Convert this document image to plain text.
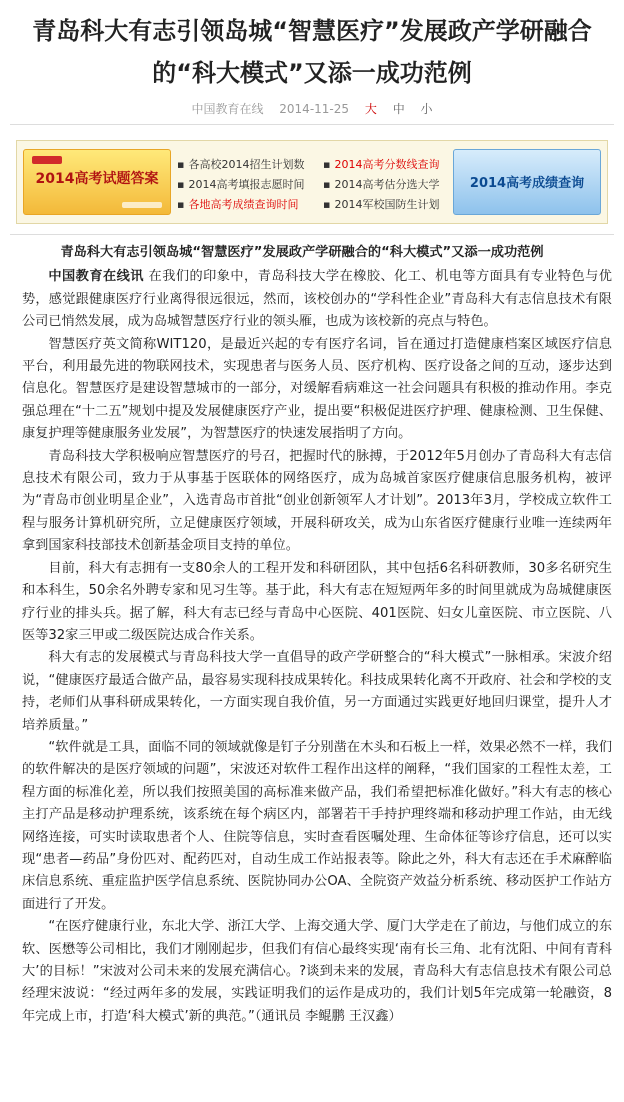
青岛科大有志引领岛城“智慧医疗”发展政产学研融合
的“科大模式”又添一成功范例
中国教育在线 2014-11-25 大 中 小
2014高考试题答案
▪ 各高校2014招生计划数 ▪ 2014高考分数线查询
▪ 2014高考填报志愿时间 ▪ 2014高考估分选大学
▪ 各地高考成绩查询时间 ▪ 2014军校国防生计划
2014高考成绩查询
青岛科大有志引领岛城“智慧医疗”发展政产学研融合的“科大模式”又添一成功范例

中国教育在线讯 在我们的印象中，青岛科技大学在橡胶、化工、机电等方面具有专业特色与优势，感觉跟健康医疗行业离得很远很远，然而，该校创办的“学科性企业”青岛科大有志信息技术有限公司已悄然发展，成为岛城智慧医疗行业的领头雁，也成为该校新的亮点与特色。

智慧医疗英文简称WIT120，是最近兴起的专有医疗名词，旨在通过打造健康档案区域医疗信息平台，利用最先进的物联网技术，实现患者与医务人员、医疗机构、医疗设备之间的互动，逐步达到信息化。智慧医疗是建设智慧城市的一部分，对缓解看病难这一社会问题具有积极的推动作用。李克强总理在“十二五”规划中提及发展健康医疗产业，提出要“积极促进医疗护理、健康检测、卫生保健、康复护理等健康服务业发展”，为智慧医疗的快速发展指明了方向。

青岛科技大学积极响应智慧医疗的号召，把握时代的脉搏，于2012年5月创办了青岛科大有志信息技术有限公司，致力于从事基于医联体的网络医疗，成为岛城首家医疗健康信息服务机构，被评为“青岛市创业明星企业”，入选青岛市首批“创业创新领军人才计划”。2013年3月，学校成立软件工程与服务计算机研究所，立足健康医疗领域，开展科研攻关，成为山东省医疗健康行业唯一连续两年拿到国家科技部技术创新基金项目支持的单位。

目前，科大有志拥有一支80余人的工程开发和科研团队，其中包括6名科研教师，30多名研究生和本科生，50余名外聘专家和见习生等。基于此，科大有志在短短两年多的时间里就成为岛城健康医疗行业的排头兵。据了解，科大有志已经与青岛中心医院、401医院、妇女儿童医院、市立医院、八医等32家三甲或二级医院达成合作关系。

科大有志的发展模式与青岛科技大学一直倡导的政产学研整合的“科大模式”一脉相承。宋波介绍说，“健康医疗最适合做产品，最容易实现科技成果转化。科技成果转化离不开政府、社会和学校的支持，老师们从事科研成果转化，一方面实现自我价值，另一方面通过实践更好地回归课堂，提升人才培养质量。”

“软件就是工具，面临不同的领域就像是钉子分别凿在木头和石板上一样，效果必然不一样，我们的软件解决的是医疗领域的问题”，宋波还对软件工程作出这样的阐释，“我们国家的工程性太差，工程方面的标准化差，所以我们按照美国的高标准来做产品，我们希望把标准化做好。”科大有志的核心主打产品是移动护理系统，该系统在每个病区内，部署若干手持护理终端和移动护理工作站，由无线网络连接，可实时读取患者个人、住院等信息，实时查看医嘱处理、生命体征等诊疗信息，还可以实现“患者—药品”身份匹对、配药匹对，自动生成工作站报表等。除此之外，科大有志还在手术麻醉临床信息系统、重症监护医学信息系统、医院协同办公OA、全院资产效益分析系统、移动医护工作站方面进行了开发。

“在医疗健康行业，东北大学、浙江大学、上海交通大学、厦门大学走在了前边，与他们成立的东软、医懋等公司相比，我们才刚刚起步，但我们有信心最终实现‘南有长三角、北有沈阳、中间有青科大’的目标！”宋波对公司未来的发展充满信心。?谈到未来的发展，青岛科大有志信息技术有限公司总经理宋波说：“经过两年多的发展，实践证明我们的运作是成功的，我们计划5年完成第一轮融资，8年完成上市，打造‘科大模式’新的典范。”（通讯员 李鲲鹏 王汉鑫）
